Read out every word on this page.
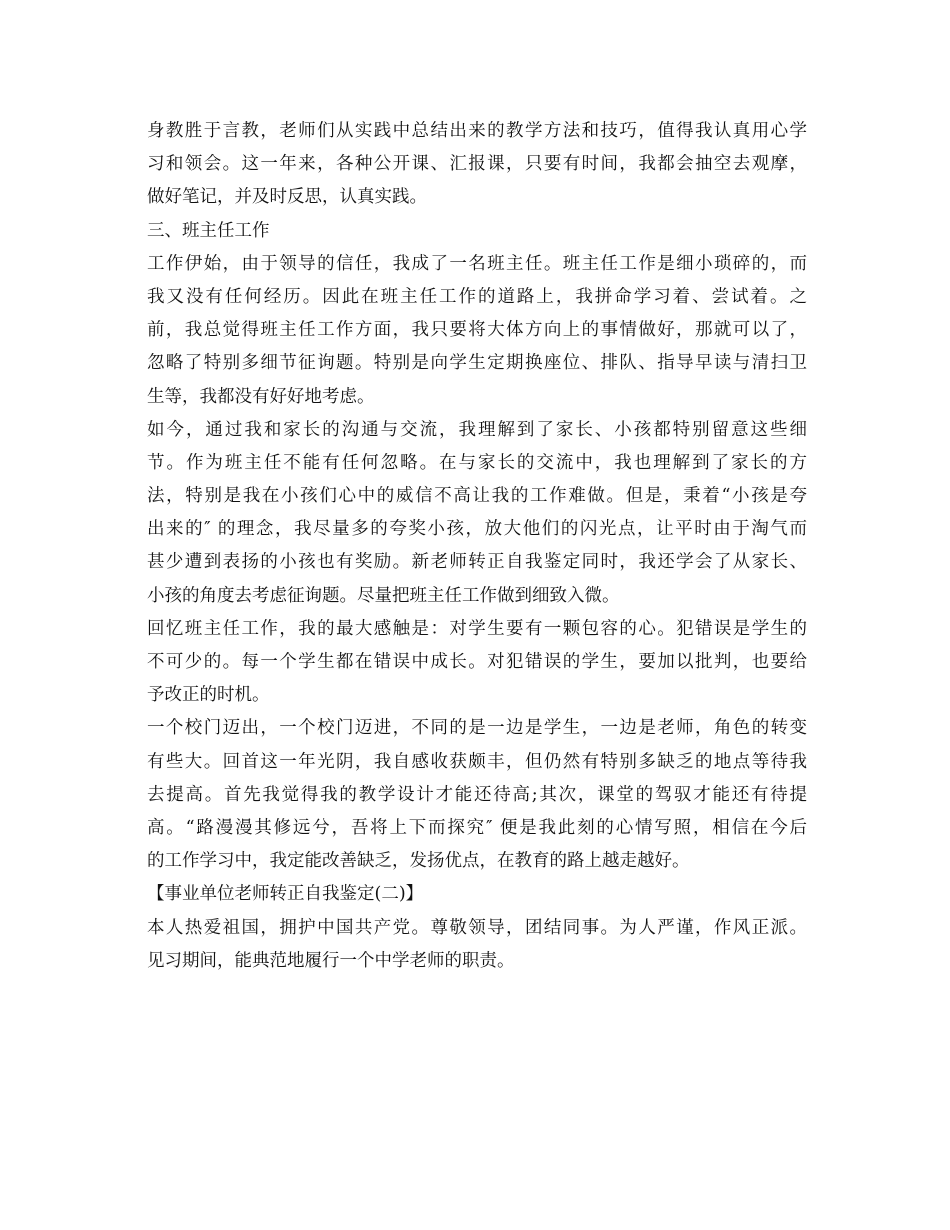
身教胜于言教，老师们从实践中总结出来的教学方法和技巧，值得我认真用心学
习和领会。这一年来，各种公开课、汇报课，只要有时间，我都会抽空去观摩，
做好笔记，并及时反思，认真实践。
三、班主任工作
工作伊始，由于领导的信任，我成了一名班主任。班主任工作是细小琐碎的，而
我又没有任何经历。因此在班主任工作的道路上，我拼命学习着、尝试着。之
前，我总觉得班主任工作方面，我只要将大体方向上的事情做好，那就可以了，
忽略了特别多细节征询题。特别是向学生定期换座位、排队、指导早读与清扫卫
生等，我都没有好好地考虑。
如今，通过我和家长的沟通与交流，我理解到了家长、小孩都特别留意这些细
节。作为班主任不能有任何忽略。在与家长的交流中，我也理解到了家长的方
法，特别是我在小孩们心中的威信不高让我的工作难做。但是，秉着“小孩是夸
出来的″ 的理念，我尽量多的夸奖小孩，放大他们的闪光点，让平时由于淘气而
甚少遭到表扬的小孩也有奖励。新老师转正自我鉴定同时，我还学会了从家长、
小孩的角度去考虑征询题。尽量把班主任工作做到细致入微。
回忆班主任工作，我的最大感触是：对学生要有一颗包容的心。犯错误是学生的
不可少的。每一个学生都在错误中成长。对犯错误的学生，要加以批判，也要给
予改正的时机。
一个校门迈出，一个校门迈进，不同的是一边是学生，一边是老师，角色的转变
有些大。回首这一年光阴，我自感收获颇丰，但仍然有特别多缺乏的地点等待我
去提高。首先我觉得我的教学设计才能还待高;其次，课堂的驾驭才能还有待提
高。“路漫漫其修远兮，吾将上下而探究″ 便是我此刻的心情写照，相信在今后
的工作学习中，我定能改善缺乏，发扬优点，在教育的路上越走越好。
【事业单位老师转正自我鉴定(二)】
本人热爱祖国，拥护中国共产党。尊敬领导，团结同事。为人严谨，作风正派。
见习期间，能典范地履行一个中学老师的职责。
